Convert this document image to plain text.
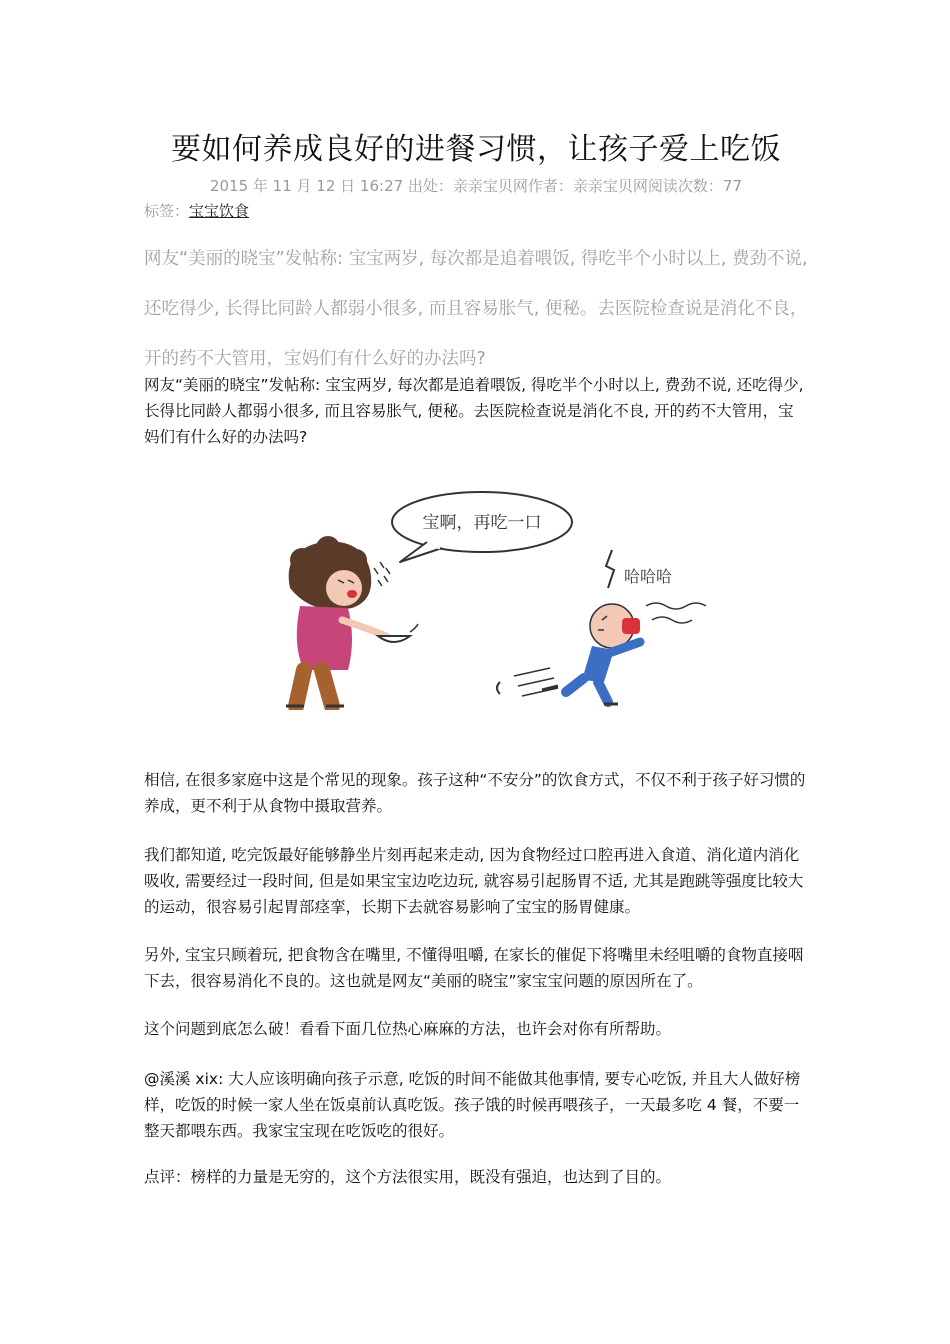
要如何养成良好的进餐习惯，让孩子爱上吃饭
2015 年 11 月 12 日 16:27 出处：亲亲宝贝网作者：亲亲宝贝网阅读次数：77
标签：宝宝饮食
网友“美丽的晓宝”发帖称: 宝宝两岁, 每次都是追着喂饭, 得吃半个小时以上, 费劲不说, 还吃得少, 长得比同龄人都弱小很多, 而且容易胀气, 便秘。去医院检查说是消化不良，开的药不大管用，宝妈们有什么好的办法吗?

网友“美丽的晓宝”发帖称: 宝宝两岁, 每次都是追着喂饭, 得吃半个小时以上, 费劲不说, 还吃得少, 长得比同龄人都弱小很多, 而且容易胀气, 便秘。去医院检查说是消化不良, 开的药不大管用，宝妈们有什么好的办法吗?

宝啊，再吃一口
哈哈哈

相信, 在很多家庭中这是个常见的现象。孩子这种“不安分”的饮食方式，不仅不利于孩子好习惯的养成，更不利于从食物中摄取营养。

我们都知道, 吃完饭最好能够静坐片刻再起来走动, 因为食物经过口腔再进入食道、消化道内消化吸收, 需要经过一段时间, 但是如果宝宝边吃边玩, 就容易引起肠胃不适, 尤其是跑跳等强度比较大的运动，很容易引起胃部痉挛，长期下去就容易影响了宝宝的肠胃健康。

另外, 宝宝只顾着玩, 把食物含在嘴里, 不懂得咀嚼, 在家长的催促下将嘴里未经咀嚼的食物直接咽下去，很容易消化不良的。这也就是网友“美丽的晓宝”家宝宝问题的原因所在了。

这个问题到底怎么破！看看下面几位热心麻麻的方法，也许会对你有所帮助。

@溪溪 xix: 大人应该明确向孩子示意, 吃饭的时间不能做其他事情, 要专心吃饭, 并且大人做好榜样，吃饭的时候一家人坐在饭桌前认真吃饭。孩子饿的时候再喂孩子，一天最多吃 4 餐，不要一整天都喂东西。我家宝宝现在吃饭吃的很好。

点评：榜样的力量是无穷的，这个方法很实用，既没有强迫，也达到了目的。
